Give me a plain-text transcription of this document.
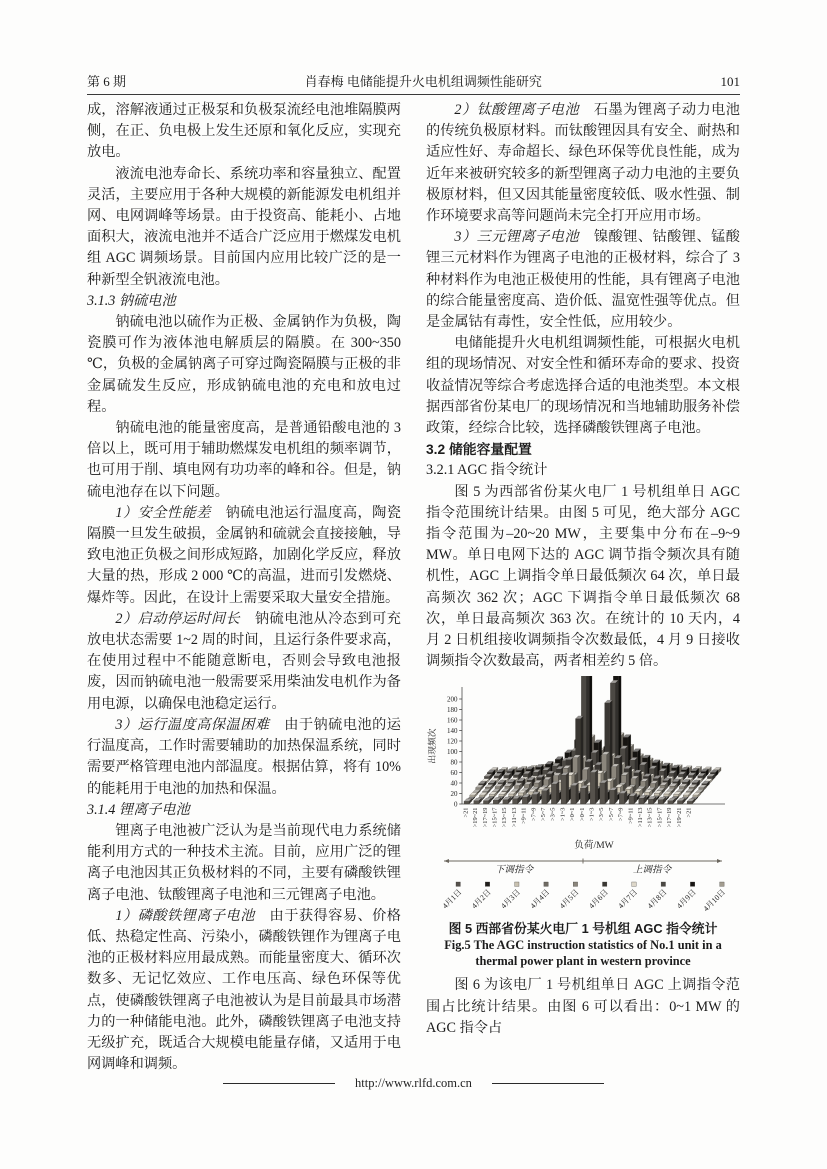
第 6 期	肖春梅 电储能提升火电机组调频性能研究	101

成，溶解液通过正极泵和负极泵流经电池堆隔膜两侧，在正、负电极上发生还原和氧化反应，实现充放电。

液流电池寿命长、系统功率和容量独立、配置灵活，主要应用于各种大规模的新能源发电机组并网、电网调峰等场景。由于投资高、能耗小、占地面积大，液流电池并不适合广泛应用于燃煤发电机组 AGC 调频场景。目前国内应用比较广泛的是一种新型全钒液流电池。

3.1.3 钠硫电池

钠硫电池以硫作为正极、金属钠作为负极，陶瓷膜可作为液体池电解质层的隔膜。在 300~350 ℃，负极的金属钠离子可穿过陶瓷隔膜与正极的非金属硫发生反应，形成钠硫电池的充电和放电过程。

钠硫电池的能量密度高，是普通铅酸电池的 3 倍以上，既可用于辅助燃煤发电机组的频率调节，也可用于削、填电网有功功率的峰和谷。但是，钠硫电池存在以下问题。

1）安全性能差 钠硫电池运行温度高，陶瓷隔膜一旦发生破损，金属钠和硫就会直接接触，导致电池正负极之间形成短路，加剧化学反应，释放大量的热，形成 2 000 ℃的高温，进而引发燃烧、爆炸等。因此，在设计上需要采取大量安全措施。

2）启动停运时间长 钠硫电池从冷态到可充放电状态需要 1~2 周的时间，且运行条件要求高，在使用过程中不能随意断电，否则会导致电池报废，因而钠硫电池一般需要采用柴油发电机作为备用电源，以确保电池稳定运行。

3）运行温度高保温困难 由于钠硫电池的运行温度高，工作时需要辅助的加热保温系统，同时需要严格管理电池内部温度。根据估算，将有 10% 的能耗用于电池的加热和保温。

3.1.4 锂离子电池

锂离子电池被广泛认为是当前现代电力系统储能利用方式的一种技术主流。目前，应用广泛的锂离子电池因其正负极材料的不同，主要有磷酸铁锂离子电池、钛酸锂离子电池和三元锂离子电池。

1）磷酸铁锂离子电池 由于获得容易、价格低、热稳定性高、污染小，磷酸铁锂作为锂离子电池的正极材料应用最成熟。而能量密度大、循环次数多、无记忆效应、工作电压高、绿色环保等优点，使磷酸铁锂离子电池被认为是目前最具市场潜力的一种储能电池。此外，磷酸铁锂离子电池支持无级扩充，既适合大规模电能量存储，又适用于电网调峰和调频。

2）钛酸锂离子电池 石墨为锂离子动力电池的传统负极原材料。而钛酸锂因具有安全、耐热和适应性好、寿命超长、绿色环保等优良性能，成为近年来被研究较多的新型锂离子动力电池的主要负极原材料，但又因其能量密度较低、吸水性强、制作环境要求高等问题尚未完全打开应用市场。

3）三元锂离子电池 镍酸锂、钴酸锂、锰酸锂三元材料作为锂离子电池的正极材料，综合了 3 种材料作为电池正极使用的性能，具有锂离子电池的综合能量密度高、造价低、温宽性强等优点。但是金属钴有毒性，安全性低，应用较少。

电储能提升火电机组调频性能，可根据火电机组的现场情况、对安全性和循环寿命的要求、投资收益情况等综合考虑选择合适的电池类型。本文根据西部省份某电厂的现场情况和当地辅助服务补偿政策，经综合比较，选择磷酸铁锂离子电池。

3.2 储能容量配置

3.2.1 AGC 指令统计

图 5 为西部省份某火电厂 1 号机组单日 AGC 指令范围统计结果。由图 5 可见，绝大部分 AGC 指令范围为–20~20 MW，主要集中分布在–9~9 MW。单日电网下达的 AGC 调节指令频次具有随机性，AGC 上调指令单日最低频次 64 次，单日最高频次 362 次；AGC 下调指令单日最低频次 68 次，单日最高频次 363 次。在统计的 10 天内，4 月 2 日机组接收调频指令次数最低，4 月 9 日接收调频指令次数最高，两者相差约 5 倍。

0
20
40
60
80
100
120
140
160
180
200
出现频次
>21 >19~21 >17~19 >15~17 >13~15 >11~13 >9~11 >7~9 >5~7 >3~5 >1~3 >0~1 >0~1 >1~3 >3~5 >5~7 >7~9 >9~11 >11~13 >13~15 >15~17 >17~19 >19~21 >21
负荷/MW
下调指令	上调指令
4月1日 4月2日 4月3日 4月4日 4月5日 4月6日 4月7日 4月8日 4月9日 4月10日

图 5 西部省份某火电厂 1 号机组 AGC 指令统计

Fig.5 The AGC instruction statistics of No.1 unit in a thermal power plant in western province

图 6 为该电厂 1 号机组单日 AGC 上调指令范围占比统计结果。由图 6 可以看出：0~1 MW 的 AGC 指令占

http://www.rlfd.com.cn
